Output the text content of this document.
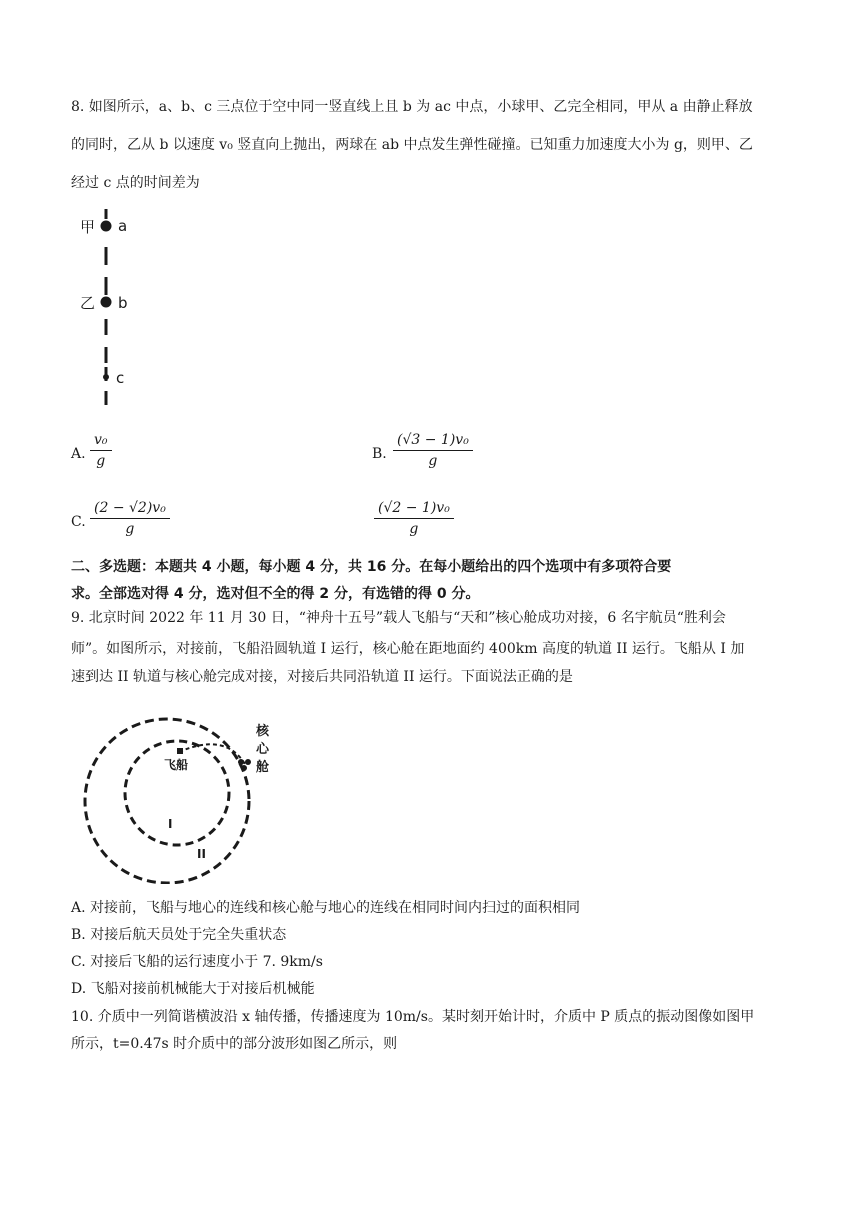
8. 如图所示，a、b、c 三点位于空中同一竖直线上且 b 为 ac 中点，小球甲、乙完全相同，甲从 a 由静止释放
的同时，乙从 b 以速度 v₀ 竖直向上抛出，两球在 ab 中点发生弹性碰撞。已知重力加速度大小为 g，则甲、乙
经过 c 点的时间差为
甲 a
乙 b
c
A. $\frac{\text{v₀}}{g}$	B. $\frac{\text{(√3 − 1)v₀}}{g}$
C. $\frac{\text{(2 − √2)v₀}}{g}$	$\frac{\text{(√2 − 1)v₀}}{g}$
二、多选题：本题共 4 小题，每小题 4 分，共 16 分。在每小题给出的四个选项中有多项符合要
求。全部选对得 4 分，选对但不全的得 2 分，有选错的得 0 分。
9. 北京时间 2022 年 11 月 30 日，“神舟十五号”载人飞船与“天和”核心舱成功对接，6 名宇航员“胜利会
师”。如图所示，对接前，飞船沿圆轨道 I 运行，核心舱在距地面约 400km 高度的轨道 II 运行。飞船从 I 加
速到达 II 轨道与核心舱完成对接，对接后共同沿轨道 II 运行。下面说法正确的是
飞船
核
心
舱
I
II
A. 对接前，飞船与地心的连线和核心舱与地心的连线在相同时间内扫过的面积相同
B. 对接后航天员处于完全失重状态
C. 对接后飞船的运行速度小于 7. 9km/s
D. 飞船对接前机械能大于对接后机械能
10. 介质中一列简谐横波沿 x 轴传播，传播速度为 10m/s。某时刻开始计时，介质中 P 质点的振动图像如图甲
所示，t=0.47s 时介质中的部分波形如图乙所示，则
